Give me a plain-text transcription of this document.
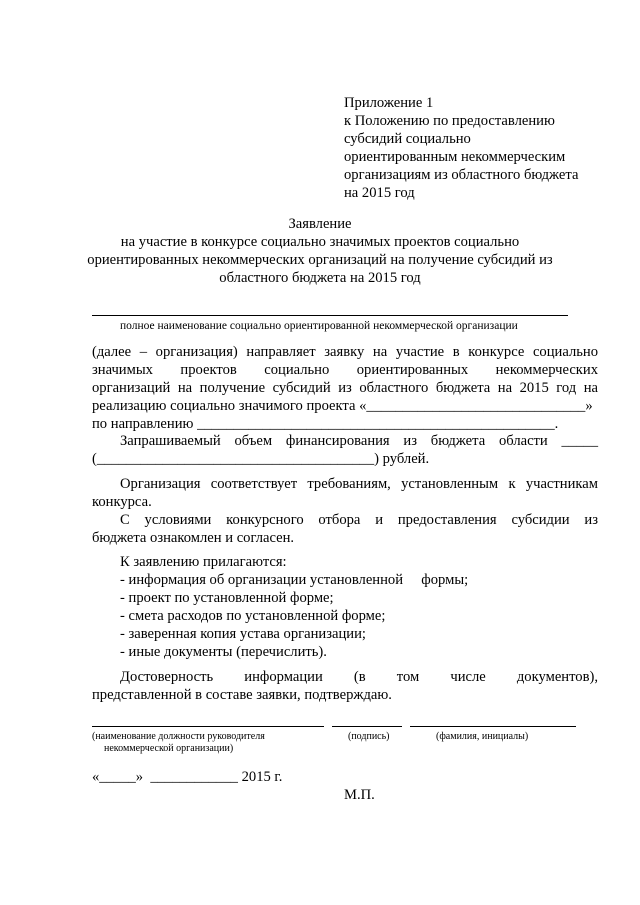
Приложение 1
к Положению по предоставлению
субсидий социально
ориентированным некоммерческим
организациям из областного бюджета
на 2015 год
Заявление
на участие в конкурсе социально значимых проектов социально
ориентированных некоммерческих организаций на получение субсидий из
областного бюджета на 2015 год
полное наименование социально ориентированной некоммерческой организации
(далее – организация) направляет заявку на участие в конкурсе социально
значимых проектов социально ориентированных некоммерческих
организаций на получение субсидий из областного бюджета на 2015 год на
реализацию социально значимого проекта «______________________________»
по направлению _________________________________________________.
Запрашиваемый объем финансирования из бюджета области _____
(______________________________________) рублей.
Организация соответствует требованиям, установленным к участникам
конкурса.
С условиями конкурсного отбора и предоставления субсидии из
бюджета ознакомлен и согласен.
К заявлению прилагаются:
- информация об организации установленной     формы;
- проект по установленной форме;
- смета расходов по установленной форме;
- заверенная копия устава организации;
- иные документы (перечислить).
Достоверность информации (в том числе документов),
представленной в составе заявки, подтверждаю.
(наименование должности руководителя
некоммерческой организации)
(подпись)	(фамилия, инициалы)
«_____» ____________ 2015 г.
М.П.
